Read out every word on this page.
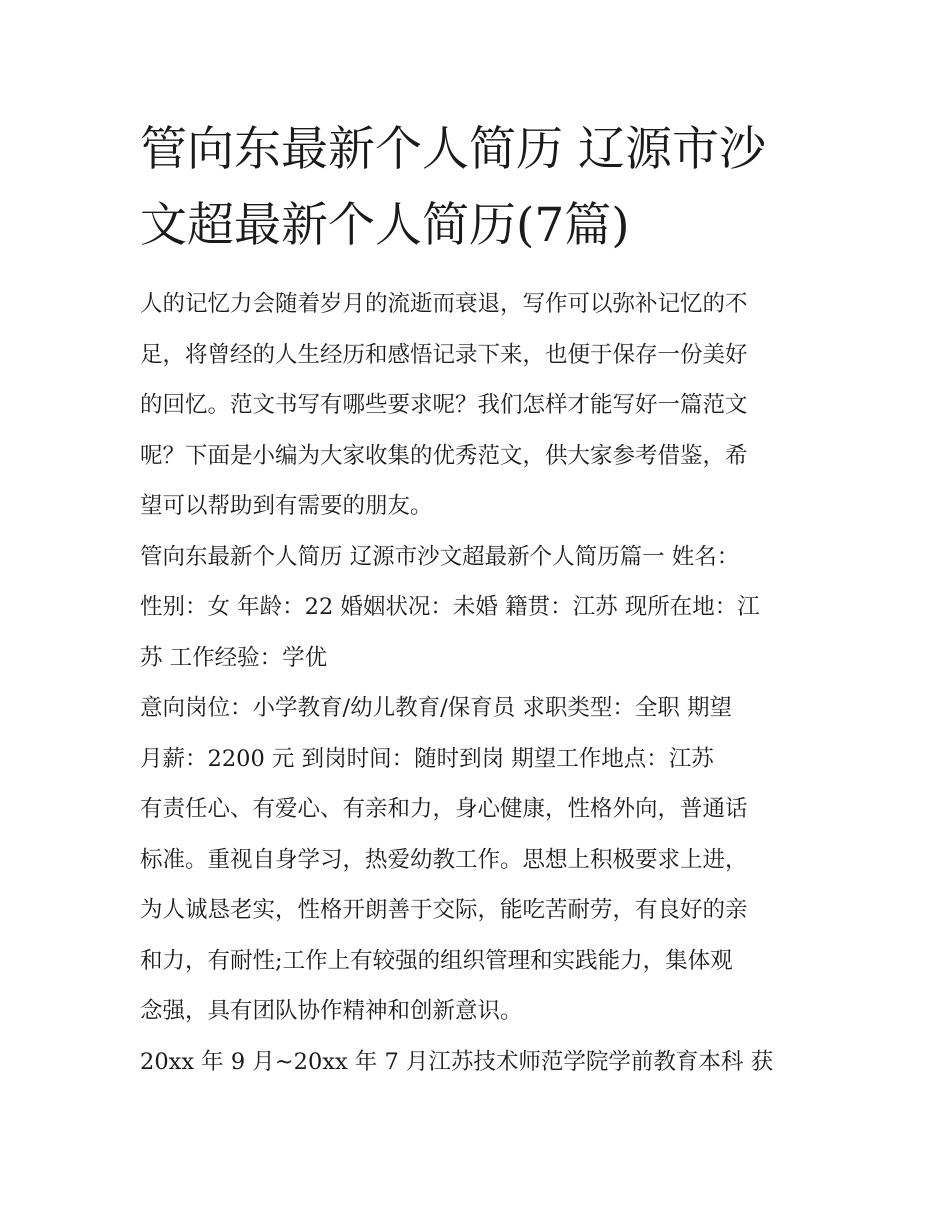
管向东最新个人简历 辽源市沙
文超最新个人简历(7篇)

人的记忆力会随着岁月的流逝而衰退，写作可以弥补记忆的不
足，将曾经的人生经历和感悟记录下来，也便于保存一份美好
的回忆。范文书写有哪些要求呢？我们怎样才能写好一篇范文
呢？下面是小编为大家收集的优秀范文，供大家参考借鉴，希
望可以帮助到有需要的朋友。

管向东最新个人简历 辽源市沙文超最新个人简历篇一 姓名：
性别：女 年龄：22 婚姻状况：未婚 籍贯：江苏 现所在地：江
苏 工作经验：学优

意向岗位：小学教育/幼儿教育/保育员 求职类型：全职 期望
月薪：2200 元 到岗时间：随时到岗 期望工作地点：江苏

有责任心、有爱心、有亲和力，身心健康，性格外向，普通话
标准。重视自身学习，热爱幼教工作。思想上积极要求上进，
为人诚恳老实，性格开朗善于交际，能吃苦耐劳，有良好的亲
和力，有耐性;工作上有较强的组织管理和实践能力，集体观
念强，具有团队协作精神和创新意识。

20xx 年 9 月~20xx 年 7 月江苏技术师范学院学前教育本科 获
